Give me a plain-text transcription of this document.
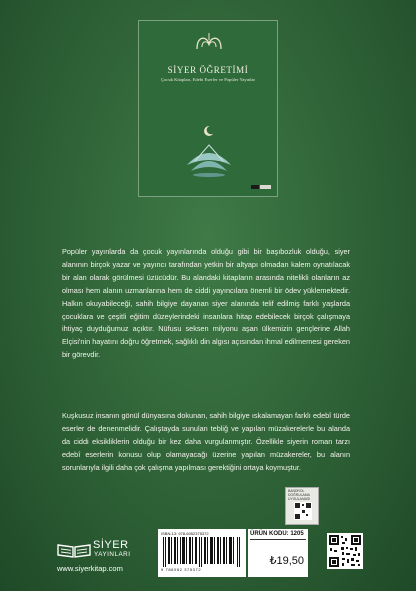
SİYER ÖĞRETİMİ
Çocuk Kitapları, Edebi Eserler ve Popüler Yayınlar
Popüler yayınlarda da çocuk yayınlarında olduğu gibi bir başıbozluk olduğu, siyer alanının birçok yazar ve yayıncı tarafından yetkin bir altyapı olmadan kalem oynatılacak bir alan olarak görülmesi üzücüdür. Bu alandaki kitapların arasında nitelikli olanların az olması hem alanın uzmanlarına hem de ciddi yayıncılara önemli bir ödev yüklemektedir. Halkın okuyabileceği, sahih bilgiye dayanan siyer alanında telif edilmiş farklı yaşlarda çocuklara ve çeşitli eğitim düzeylerindeki insanlara hitap edebilecek birçok çalışmaya ihtiyaç duyduğumuz açıktır. Nüfusu seksen milyonu aşan ülkemizin gençlerine Allah Elçisi'nin hayatını doğru öğretmek, sağlıklı din algısı açısından ihmal edilmemesi gereken bir görevdir.
Kuşkusuz insanın gönül dünyasına dokunan, sahih bilgiye ıskalamayan farklı edebî türde eserler de denenmelidir. Çalıştayda sunulan tebliğ ve yapılan müzakerelerle bu alanda da ciddi eksikliklerin olduğu bir kez daha vurgulanmıştır. Özellikle siyerin roman tarzı edebî eserlerin konusu olup olamayacağı üzerine yapılan müzakereler, bu alanın sorunlarıyla ilgili daha çok çalışma yapılması gerektiğini ortaya koymuştur.
SİYER
YAYINLARI
www.siyerkitap.com
ISBN-13: 978-6052375372
9 786052 375372
ÜRÜN KODU: 1205
₺19,50
BANDROL DOĞRULAMA UYGULAMASI
